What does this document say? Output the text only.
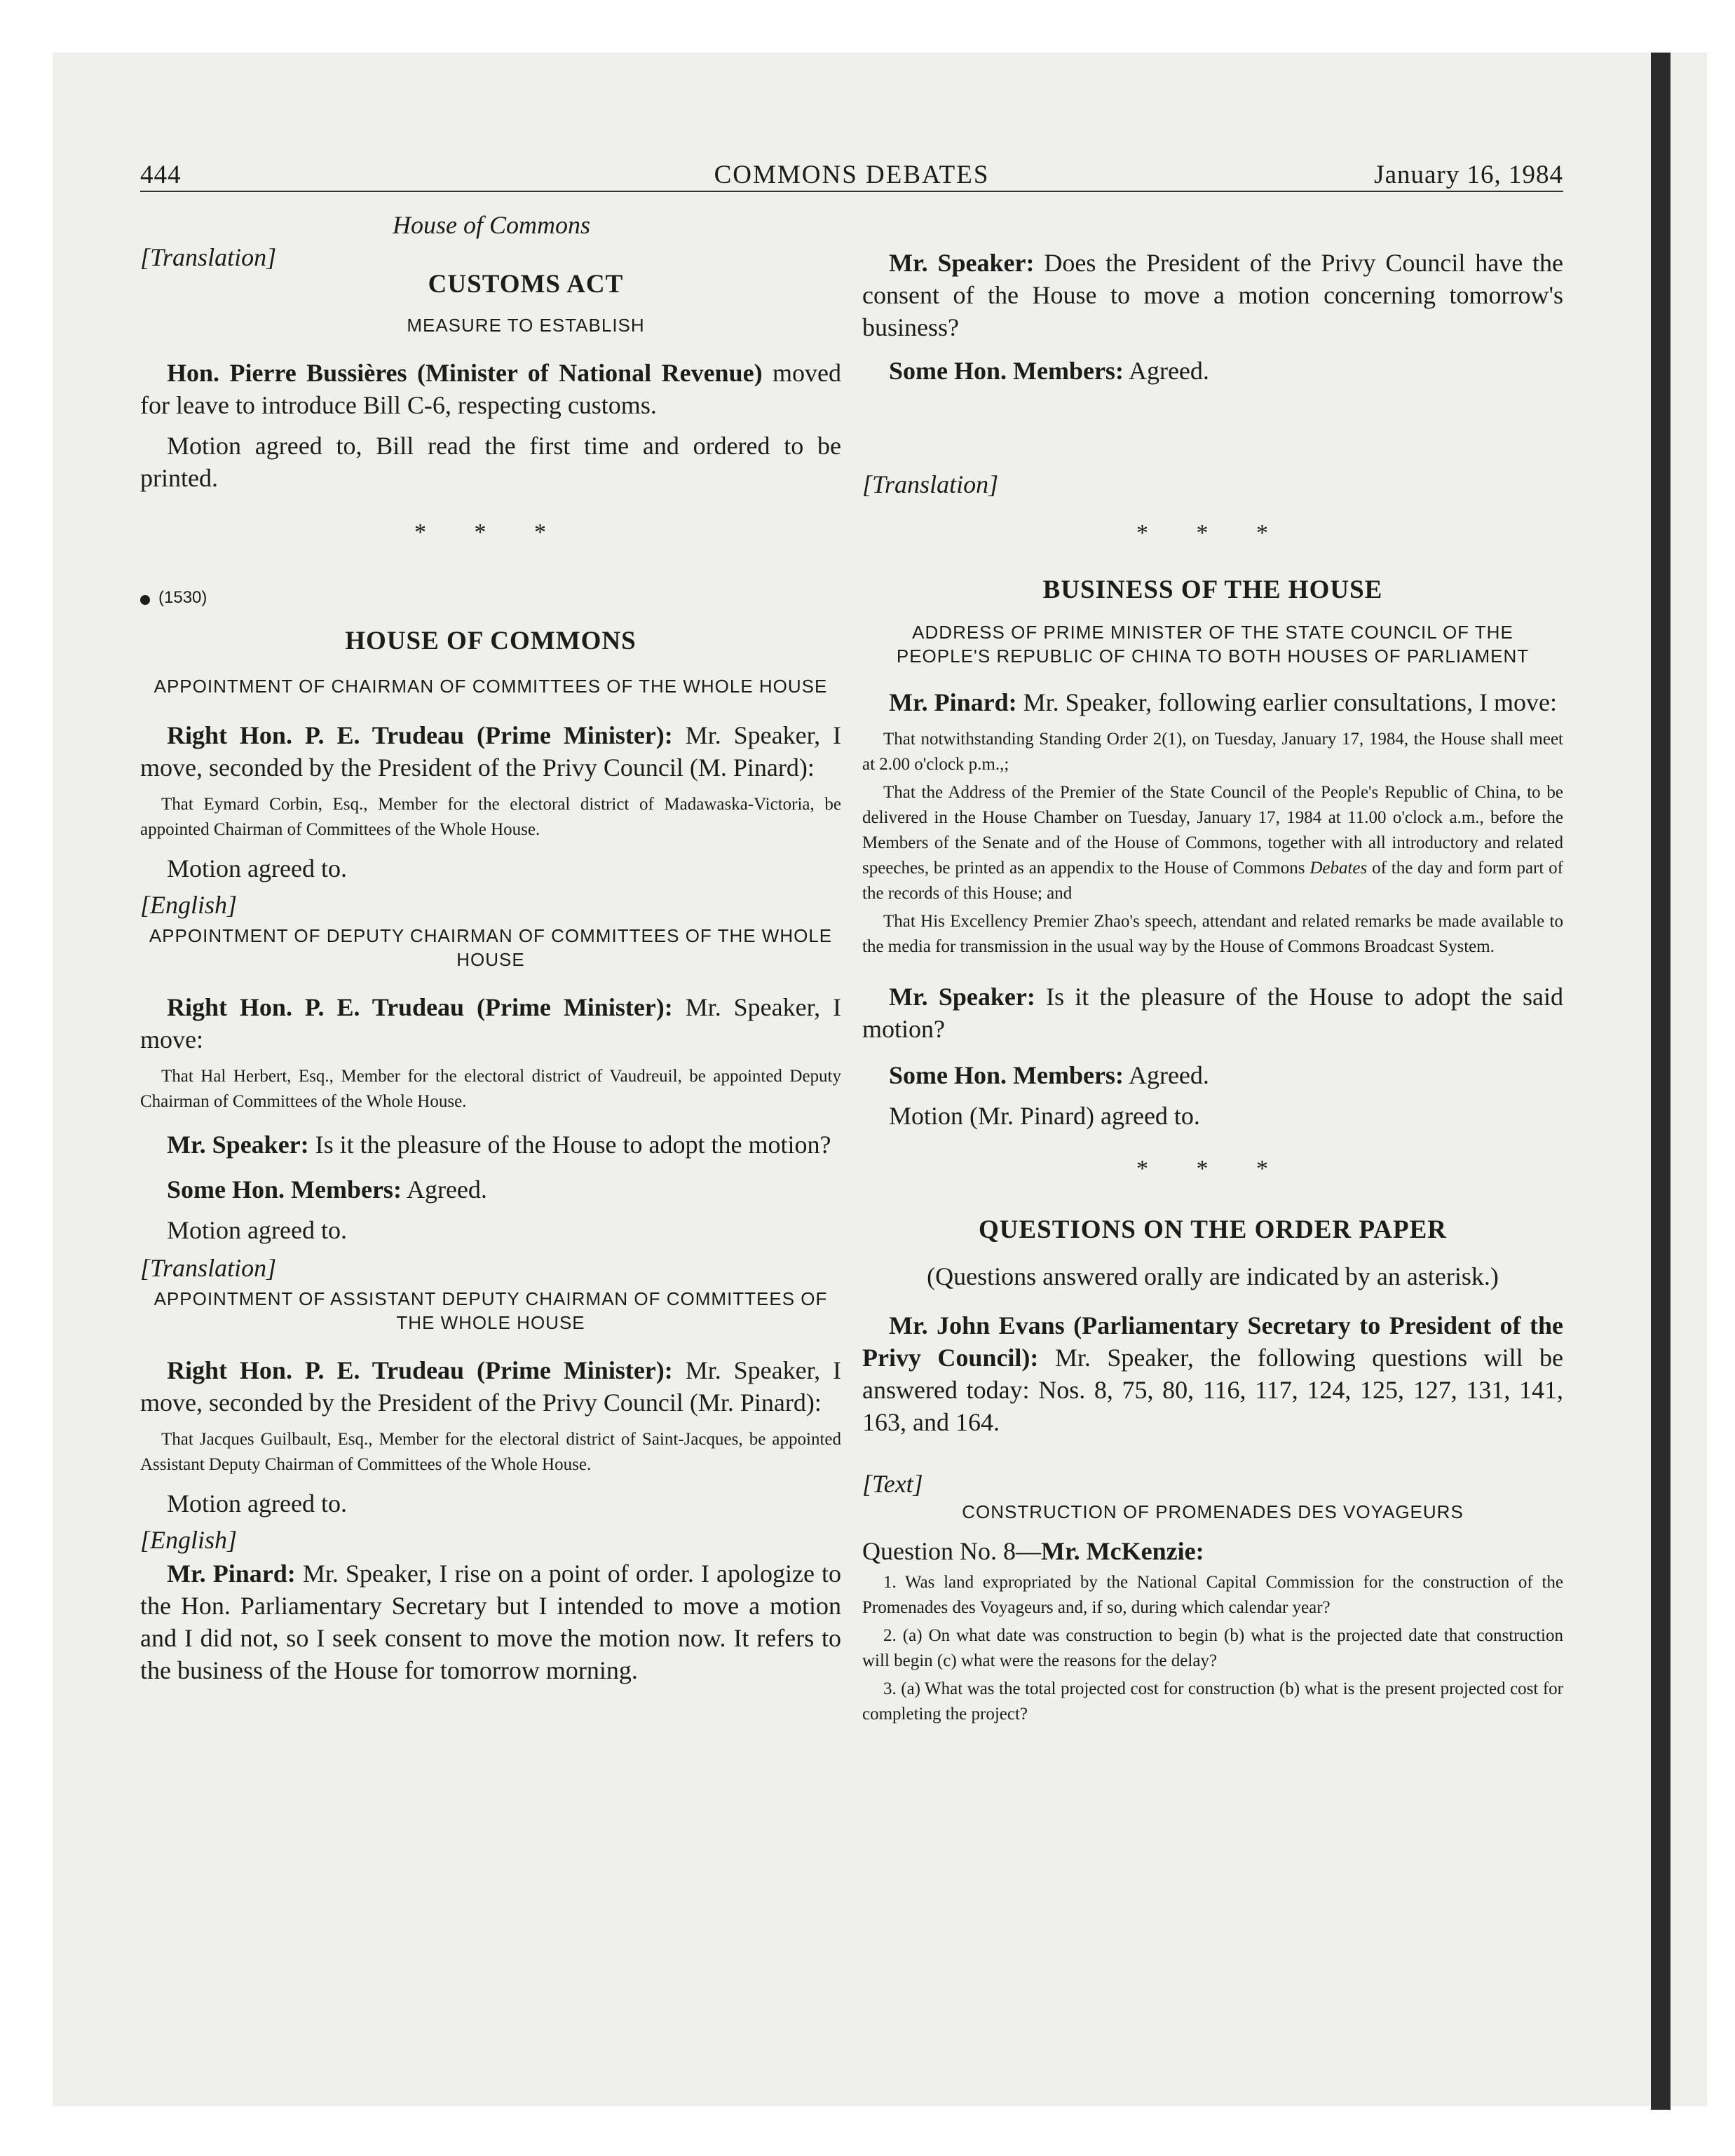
444	COMMONS DEBATES	January 16, 1984
House of Commons
[Translation]
CUSTOMS ACT
MEASURE TO ESTABLISH

Hon. Pierre Bussières (Minister of National Revenue) moved for leave to introduce Bill C-6, respecting customs.

Motion agreed to, Bill read the first time and ordered to be printed.

* * *
(1530)
HOUSE OF COMMONS
APPOINTMENT OF CHAIRMAN OF COMMITTEES OF THE WHOLE HOUSE

Right Hon. P. E. Trudeau (Prime Minister): Mr. Speaker, I move, seconded by the President of the Privy Council (M. Pinard):

That Eymard Corbin, Esq., Member for the electoral district of Madawaska-Victoria, be appointed Chairman of Committees of the Whole House.

Motion agreed to.

[English]
APPOINTMENT OF DEPUTY CHAIRMAN OF COMMITTEES OF THE WHOLE HOUSE

Right Hon. P. E. Trudeau (Prime Minister): Mr. Speaker, I move:

That Hal Herbert, Esq., Member for the electoral district of Vaudreuil, be appointed Deputy Chairman of Committees of the Whole House.

Mr. Speaker: Is it the pleasure of the House to adopt the motion?

Some Hon. Members: Agreed.

Motion agreed to.

[Translation]
APPOINTMENT OF ASSISTANT DEPUTY CHAIRMAN OF COMMITTEES OF THE WHOLE HOUSE

Right Hon. P. E. Trudeau (Prime Minister): Mr. Speaker, I move, seconded by the President of the Privy Council (Mr. Pinard):

That Jacques Guilbault, Esq., Member for the electoral district of Saint-Jacques, be appointed Assistant Deputy Chairman of Committees of the Whole House.

Motion agreed to.

[English]

Mr. Pinard: Mr. Speaker, I rise on a point of order. I apologize to the Hon. Parliamentary Secretary but I intended to move a motion and I did not, so I seek consent to move the motion now. It refers to the business of the House for tomorrow morning.

Mr. Speaker: Does the President of the Privy Council have the consent of the House to move a motion concerning tomorrow's business?

Some Hon. Members: Agreed.

[Translation]
* * *
BUSINESS OF THE HOUSE
ADDRESS OF PRIME MINISTER OF THE STATE COUNCIL OF THE PEOPLE'S REPUBLIC OF CHINA TO BOTH HOUSES OF PARLIAMENT

Mr. Pinard: Mr. Speaker, following earlier consultations, I move:

That notwithstanding Standing Order 2(1), on Tuesday, January 17, 1984, the House shall meet at 2.00 o'clock p.m.,;

That the Address of the Premier of the State Council of the People's Republic of China, to be delivered in the House Chamber on Tuesday, January 17, 1984 at 11.00 o'clock a.m., before the Members of the Senate and of the House of Commons, together with all introductory and related speeches, be printed as an appendix to the House of Commons Debates of the day and form part of the records of this House; and

That His Excellency Premier Zhao's speech, attendant and related remarks be made available to the media for transmission in the usual way by the House of Commons Broadcast System.

Mr. Speaker: Is it the pleasure of the House to adopt the said motion?

Some Hon. Members: Agreed.

Motion (Mr. Pinard) agreed to.

* * *
QUESTIONS ON THE ORDER PAPER

(Questions answered orally are indicated by an asterisk.)

Mr. John Evans (Parliamentary Secretary to President of the Privy Council): Mr. Speaker, the following questions will be answered today: Nos. 8, 75, 80, 116, 117, 124, 125, 127, 131, 141, 163, and 164.

[Text]
CONSTRUCTION OF PROMENADES DES VOYAGEURS

Question No. 8—Mr. McKenzie:

1. Was land expropriated by the National Capital Commission for the construction of the Promenades des Voyageurs and, if so, during which calendar year?

2. (a) On what date was construction to begin (b) what is the projected date that construction will begin (c) what were the reasons for the delay?

3. (a) What was the total projected cost for construction (b) what is the present projected cost for completing the project?
